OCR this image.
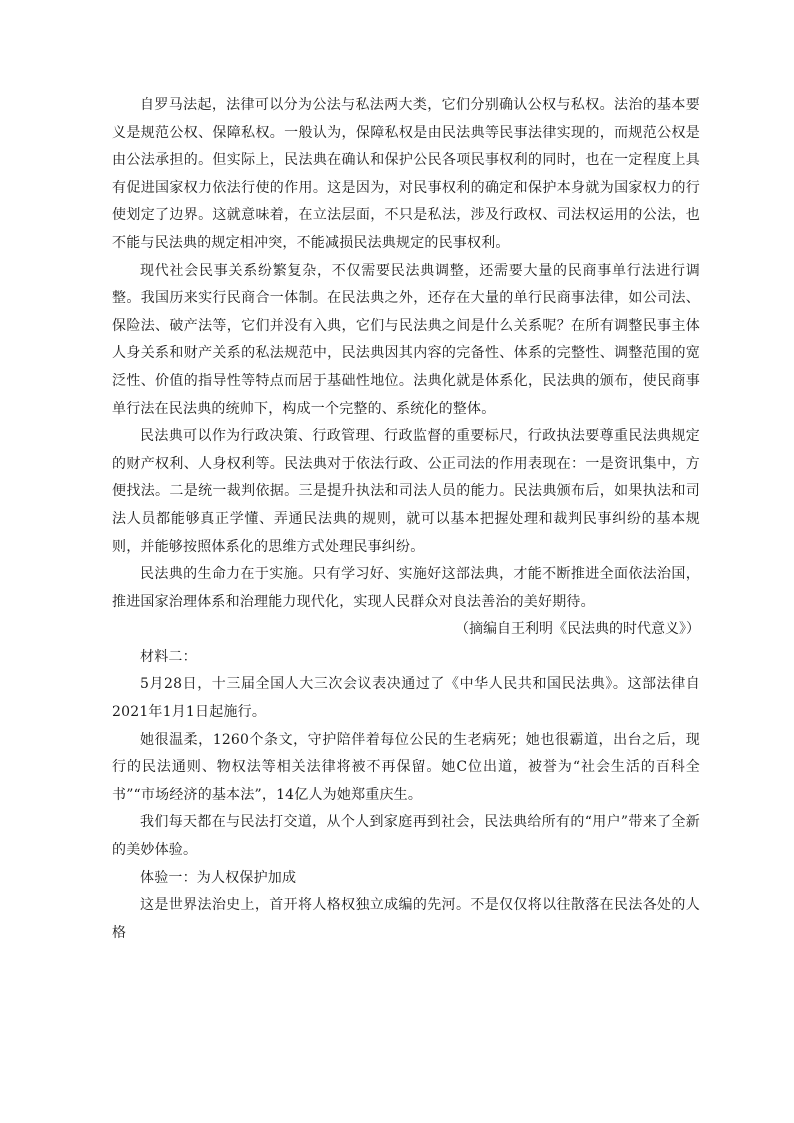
自罗马法起，法律可以分为公法与私法两大类，它们分别确认公权与私权。法治的基本要义是规范公权、保障私权。一般认为，保障私权是由民法典等民事法律实现的，而规范公权是由公法承担的。但实际上，民法典在确认和保护公民各项民事权利的同时，也在一定程度上具有促进国家权力依法行使的作用。这是因为，对民事权利的确定和保护本身就为国家权力的行使划定了边界。这就意味着，在立法层面，不只是私法，涉及行政权、司法权运用的公法，也不能与民法典的规定相冲突，不能减损民法典规定的民事权利。

现代社会民事关系纷繁复杂，不仅需要民法典调整，还需要大量的民商事单行法进行调整。我国历来实行民商合一体制。在民法典之外，还存在大量的单行民商事法律，如公司法、保险法、破产法等，它们并没有入典，它们与民法典之间是什么关系呢？在所有调整民事主体人身关系和财产关系的私法规范中，民法典因其内容的完备性、体系的完整性、调整范围的宽泛性、价值的指导性等特点而居于基础性地位。法典化就是体系化，民法典的颁布，使民商事单行法在民法典的统帅下，构成一个完整的、系统化的整体。

民法典可以作为行政决策、行政管理、行政监督的重要标尺，行政执法要尊重民法典规定的财产权利、人身权利等。民法典对于依法行政、公正司法的作用表现在：一是资讯集中，方便找法。二是统一裁判依据。三是提升执法和司法人员的能力。民法典颁布后，如果执法和司法人员都能够真正学懂、弄通民法典的规则，就可以基本把握处理和裁判民事纠纷的基本规则，并能够按照体系化的思维方式处理民事纠纷。

民法典的生命力在于实施。只有学习好、实施好这部法典，才能不断推进全面依法治国，推进国家治理体系和治理能力现代化，实现人民群众对良法善治的美好期待。

（摘编自王利明《民法典的时代意义》）

材料二：

5月28日，十三届全国人大三次会议表决通过了《中华人民共和国民法典》。这部法律自2021年1月1日起施行。

她很温柔，1260个条文，守护陪伴着每位公民的生老病死；她也很霸道，出台之后，现行的民法通则、物权法等相关法律将被不再保留。她C位出道，被誉为“社会生活的百科全书”“市场经济的基本法”，14亿人为她郑重庆生。

我们每天都在与民法打交道，从个人到家庭再到社会，民法典给所有的“用户”带来了全新的美妙体验。

体验一：为人权保护加成

这是世界法治史上，首开将人格权独立成编的先河。不是仅仅将以往散落在民法各处的人格
